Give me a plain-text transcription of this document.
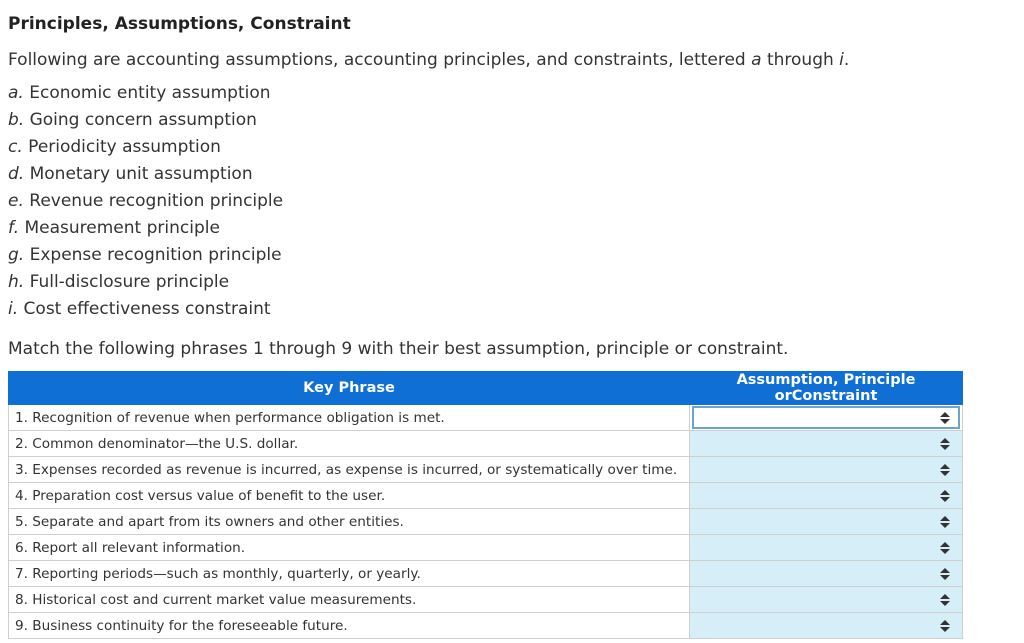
Principles, Assumptions, Constraint
Following are accounting assumptions, accounting principles, and constraints, lettered a through i.
a. Economic entity assumption
b. Going concern assumption
c. Periodicity assumption
d. Monetary unit assumption
e. Revenue recognition principle
f. Measurement principle
g. Expense recognition principle
h. Full-disclosure principle
i. Cost effectiveness constraint
Match the following phrases 1 through 9 with their best assumption, principle or constraint.
Key Phrase	Assumption, Principle orConstraint
1. Recognition of revenue when performance obligation is met.	

2. Common denominator—the U.S. dollar.	

3. Expenses recorded as revenue is incurred, as expense is incurred, or systematically over time.	

4. Preparation cost versus value of benefit to the user.	

5. Separate and apart from its owners and other entities.	

6. Report all relevant information.	

7. Reporting periods—such as monthly, quarterly, or yearly.	

8. Historical cost and current market value measurements.	

9. Business continuity for the foreseeable future.	
